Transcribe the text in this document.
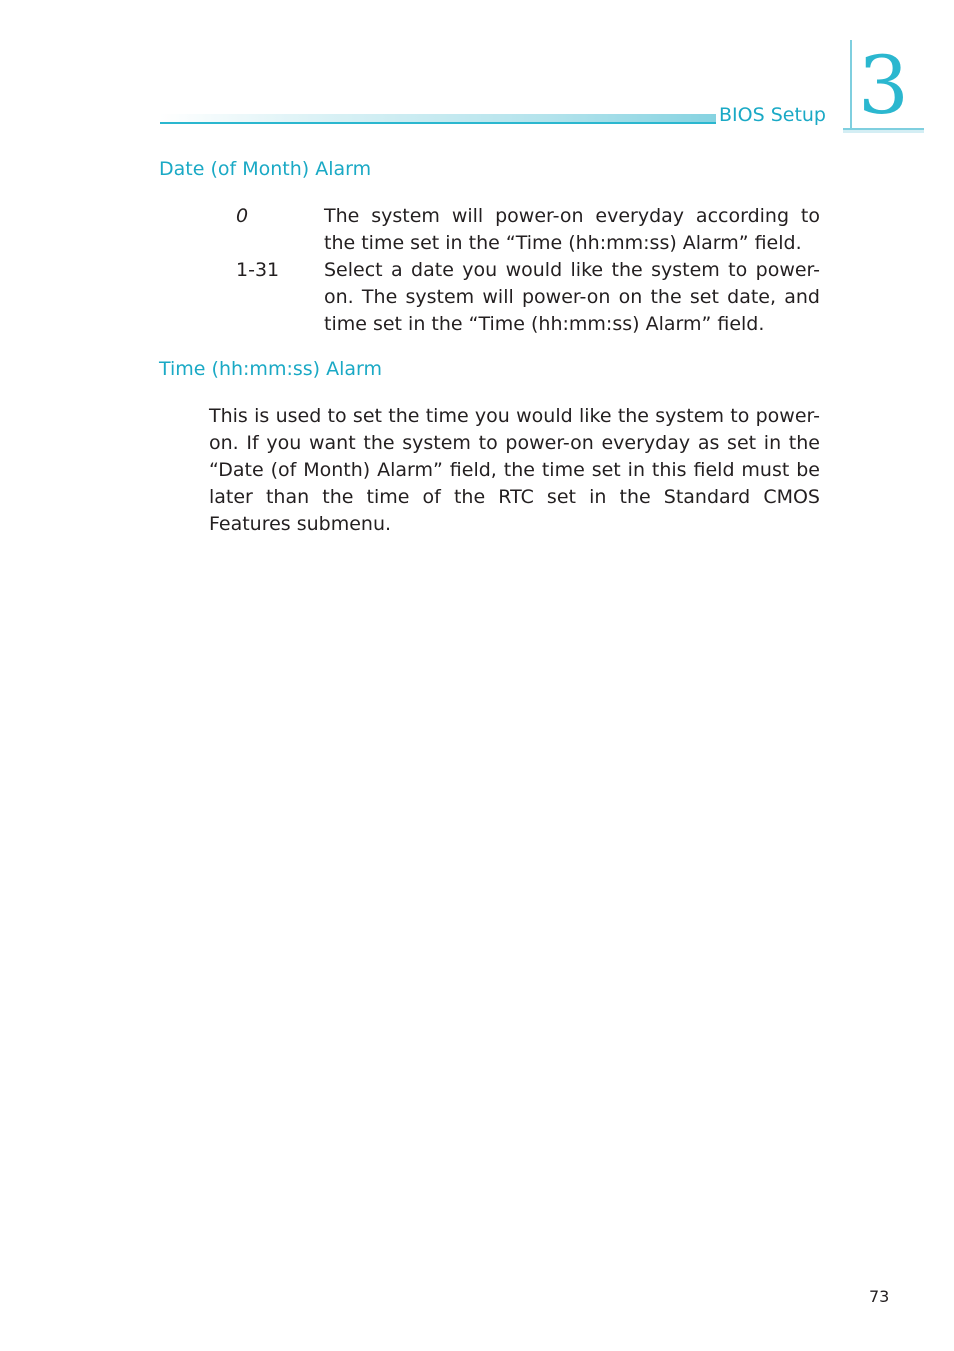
BIOS Setup 3
Date (of Month) Alarm
0	The system will power-on everyday according to the time set in the “Time (hh:mm:ss) Alarm” field.
1-31 Select a date you would like the system to power-on. The system will power-on on the set date, and time set in the “Time (hh:mm:ss) Alarm” field.
Time (hh:mm:ss) Alarm
This is used to set the time you would like the system to power-on. If you want the system to power-on everyday as set in the “Date (of Month) Alarm” field, the time set in this field must be later than the time of the RTC set in the Standard CMOS Features submenu.
73
